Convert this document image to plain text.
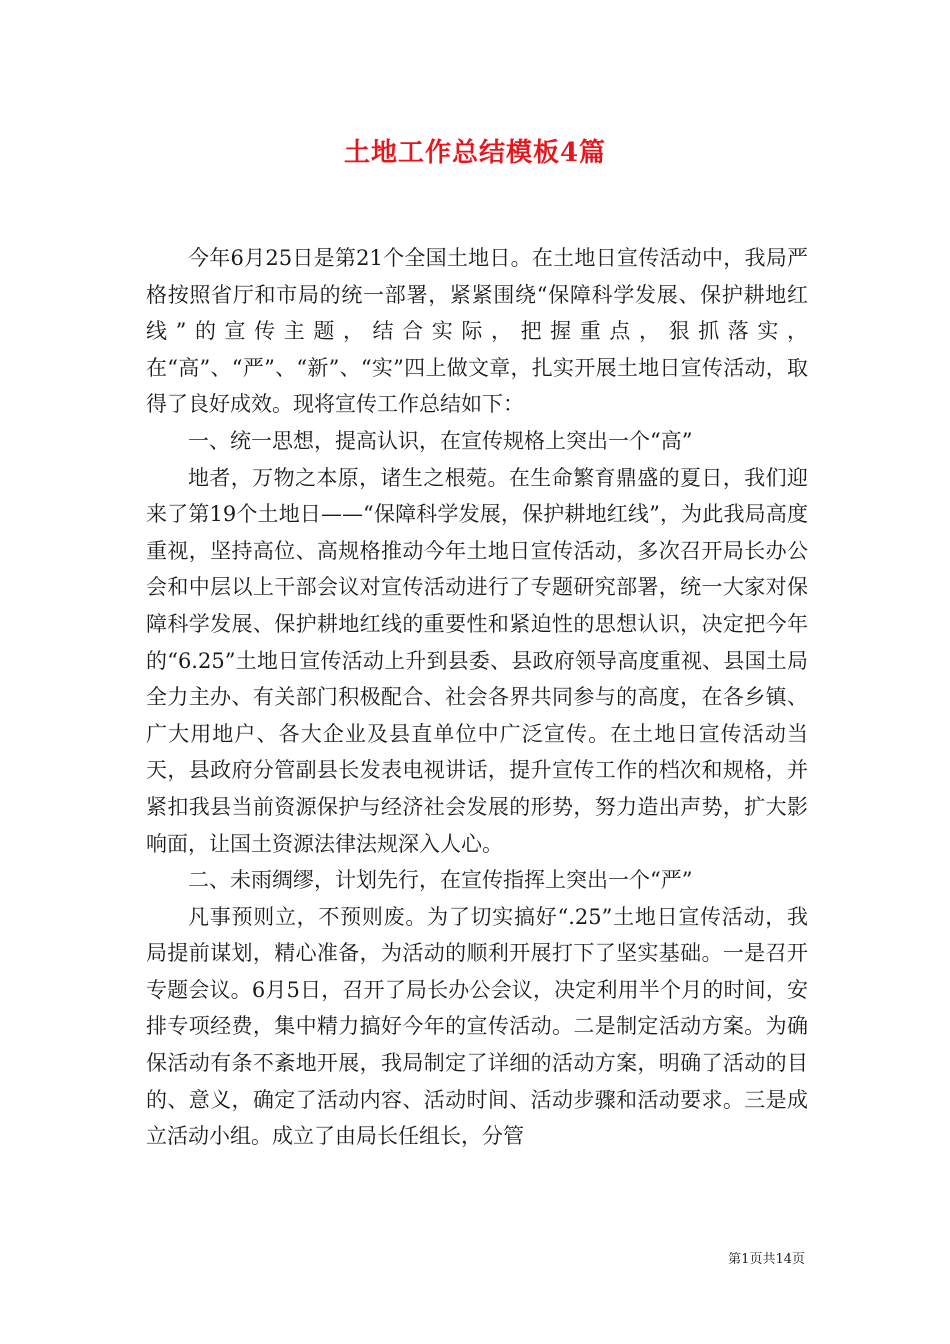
土地工作总结模板4篇

今年6月25日是第21个全国土地日。在土地日宣传活动中，我局严格按照省厅和市局的统一部署，紧紧围绕“保障科学发展、保护耕地红线”的宣传主题，结合实际，把握重点，狠抓落实，在“高”、“严”、“新”、“实”四上做文章，扎实开展土地日宣传活动，取得了良好成效。现将宣传工作总结如下：

一、统一思想，提高认识，在宣传规格上突出一个“高”

地者，万物之本原，诸生之根菀。在生命繁育鼎盛的夏日，我们迎来了第19个土地日——“保障科学发展，保护耕地红线”，为此我局高度重视，坚持高位、高规格推动今年土地日宣传活动，多次召开局长办公会和中层以上干部会议对宣传活动进行了专题研究部署，统一大家对保障科学发展、保护耕地红线的重要性和紧迫性的思想认识，决定把今年的“6.25”土地日宣传活动上升到县委、县政府领导高度重视、县国土局全力主办、有关部门积极配合、社会各界共同参与的高度，在各乡镇、广大用地户、各大企业及县直单位中广泛宣传。在土地日宣传活动当天，县政府分管副县长发表电视讲话，提升宣传工作的档次和规格，并紧扣我县当前资源保护与经济社会发展的形势，努力造出声势，扩大影响面，让国土资源法律法规深入人心。

二、未雨绸缪，计划先行，在宣传指挥上突出一个“严”

凡事预则立，不预则废。为了切实搞好“.25”土地日宣传活动，我局提前谋划，精心准备，为活动的顺利开展打下了坚实基础。一是召开专题会议。6月5日，召开了局长办公会议，决定利用半个月的时间，安排专项经费，集中精力搞好今年的宣传活动。二是制定活动方案。为确保活动有条不紊地开展，我局制定了详细的活动方案，明确了活动的目的、意义，确定了活动内容、活动时间、活动步骤和活动要求。三是成立活动小组。成立了由局长任组长，分管

第1页共14页
